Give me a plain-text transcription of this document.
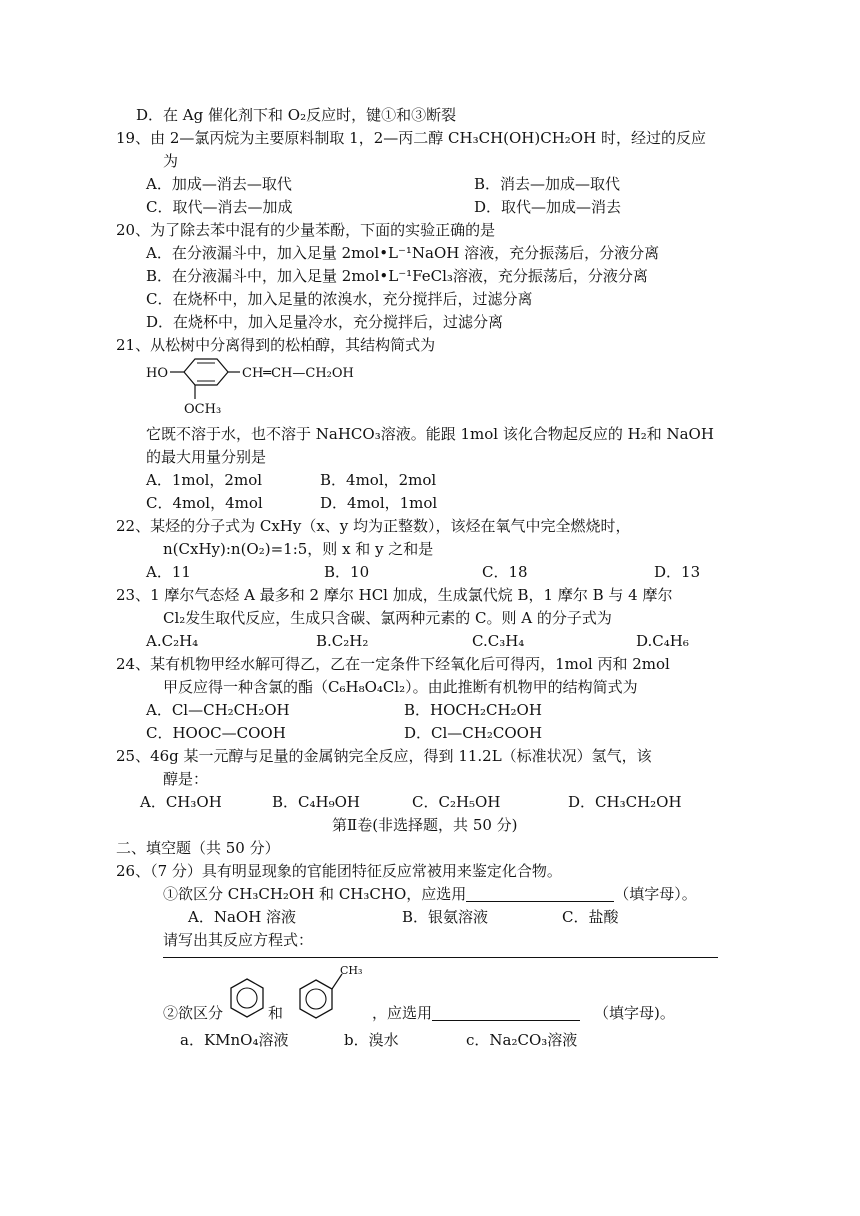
D．在 Ag 催化剂下和 O₂反应时，键①和③断裂
19、由 2—氯丙烷为主要原料制取 1，2—丙二醇 CH₃CH(OH)CH₂OH 时，经过的反应
为
A．加成—消去—取代	B．消去—加成—取代
C．取代—消去—加成	D．取代—加成—消去
20、为了除去苯中混有的少量苯酚，下面的实验正确的是
A．在分液漏斗中，加入足量 2mol•L⁻¹NaOH 溶液，充分振荡后，分液分离
B．在分液漏斗中，加入足量 2mol•L⁻¹FeCl₃溶液，充分振荡后，分液分离
C．在烧杯中，加入足量的浓溴水，充分搅拌后，过滤分离
D．在烧杯中，加入足量冷水，充分搅拌后，过滤分离
21、从松树中分离得到的松柏醇，其结构简式为
HO	CH═CH—CH₂OH
OCH₃
它既不溶于水，也不溶于 NaHCO₃溶液。能跟 1mol 该化合物起反应的 H₂和 NaOH
的最大用量分别是
A．1mol，2mol	B．4mol，2mol
C．4mol，4mol	D．4mol，1mol
22、某烃的分子式为 CxHy（x、y 均为正整数），该烃在氧气中完全燃烧时，
n(CxHy):n(O₂)=1:5，则 x 和 y 之和是
A．11	B．10	C．18	D．13
23、1 摩尔气态烃 A 最多和 2 摩尔 HCl 加成，生成氯代烷 B，1 摩尔 B 与 4 摩尔
Cl₂发生取代反应，生成只含碳、氯两种元素的 C。则 A 的分子式为
A.C₂H₄	B.C₂H₂	C.C₃H₄	D.C₄H₆
24、某有机物甲经水解可得乙，乙在一定条件下经氧化后可得丙，1mol 丙和 2mol
甲反应得一种含氯的酯（C₆H₈O₄Cl₂）。由此推断有机物甲的结构简式为
A．Cl—CH₂CH₂OH	B．HOCH₂CH₂OH
C．HOOC—COOH	D．Cl—CH₂COOH
25、46g 某一元醇与足量的金属钠完全反应，得到 11.2L（标准状况）氢气，该
醇是：
A．CH₃OH	B．C₄H₉OH	C．C₂H₅OH	D．CH₃CH₂OH
第Ⅱ卷(非选择题，共 50 分)
二、填空题（共 50 分）
26、（7 分）具有明显现象的官能团特征反应常被用来鉴定化合物。
①欲区分 CH₃CH₂OH 和 CH₃CHO，应选用	（填字母）。
A．NaOH 溶液	B．银氨溶液	C．盐酸
请写出其反应方程式：
②欲区分	和
CH₃
，应选用	（填字母)。
a．KMnO₄溶液	b．溴水	c．Na₂CO₃溶液
